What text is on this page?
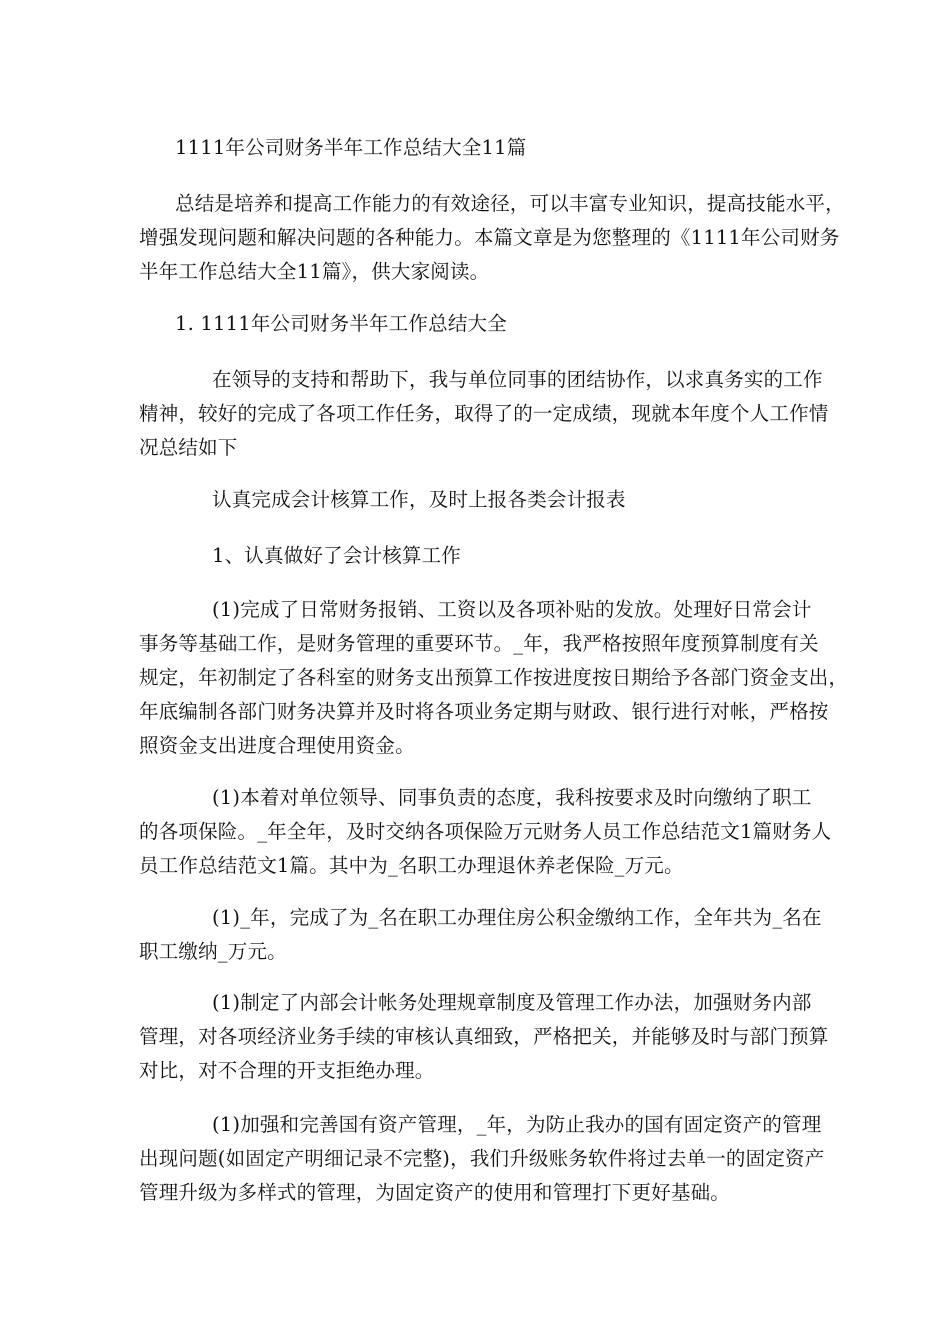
1111年公司财务半年工作总结大全11篇

总结是培养和提高工作能力的有效途径，可以丰富专业知识，提高技能水平，
增强发现问题和解决问题的各种能力。本篇文章是为您整理的《1111年公司财务
半年工作总结大全11篇》，供大家阅读。

1. 1111年公司财务半年工作总结大全

在领导的支持和帮助下，我与单位同事的团结协作，以求真务实的工作
精神，较好的完成了各项工作任务，取得了的一定成绩，现就本年度个人工作情
况总结如下

认真完成会计核算工作，及时上报各类会计报表

1、认真做好了会计核算工作

(1)完成了日常财务报销、工资以及各项补贴的发放。处理好日常会计
事务等基础工作，是财务管理的重要环节。_年，我严格按照年度预算制度有关
规定，年初制定了各科室的财务支出预算工作按进度按日期给予各部门资金支出，
年底编制各部门财务决算并及时将各项业务定期与财政、银行进行对帐，严格按
照资金支出进度合理使用资金。

(1)本着对单位领导、同事负责的态度，我科按要求及时向缴纳了职工
的各项保险。_年全年，及时交纳各项保险万元财务人员工作总结范文1篇财务人
员工作总结范文1篇。其中为_名职工办理退休养老保险_万元。

(1)_年，完成了为_名在职工办理住房公积金缴纳工作，全年共为_名在
职工缴纳_万元。

(1)制定了内部会计帐务处理规章制度及管理工作办法，加强财务内部
管理，对各项经济业务手续的审核认真细致，严格把关，并能够及时与部门预算
对比，对不合理的开支拒绝办理。

(1)加强和完善国有资产管理，_年，为防止我办的国有固定资产的管理
出现问题(如固定产明细记录不完整)，我们升级账务软件将过去单一的固定资产
管理升级为多样式的管理，为固定资产的使用和管理打下更好基础。
